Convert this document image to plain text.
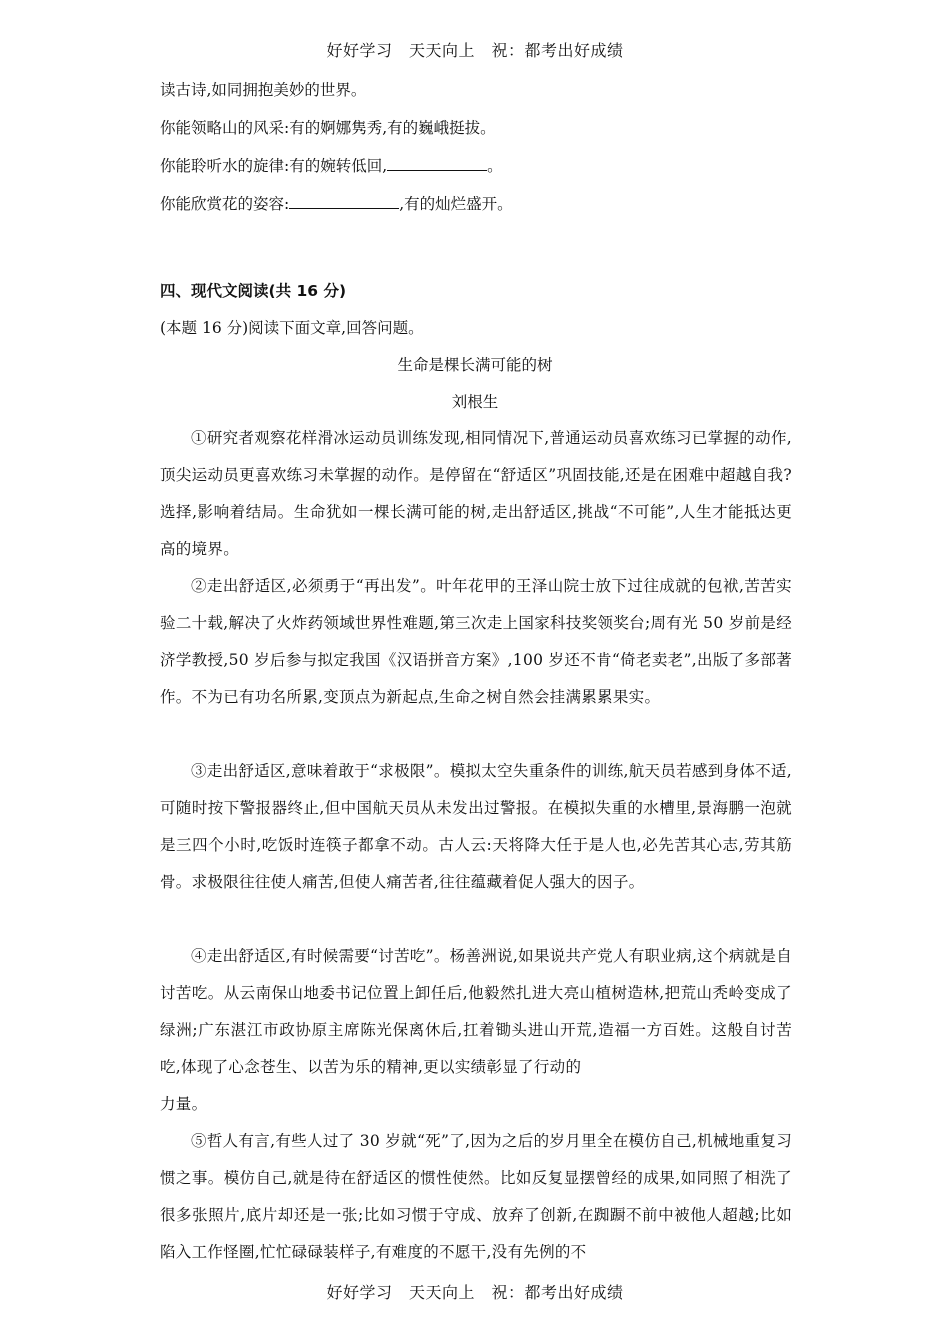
好好学习　天天向上　祝：都考出好成绩
读古诗,如同拥抱美妙的世界。
你能领略山的风采:有的婀娜隽秀,有的巍峨挺拔。
你能聆听水的旋律:有的婉转低回,	。
你能欣赏花的姿容:	,有的灿烂盛开。
四、现代文阅读(共 16 分)
(本题 16 分)阅读下面文章,回答问题。
生命是棵长满可能的树
刘根生
①研究者观察花样滑冰运动员训练发现,相同情况下,普通运动员喜欢练习已掌握的动作,顶尖运动员更喜欢练习未掌握的动作。是停留在“舒适区”巩固技能,还是在困难中超越自我?选择,影响着结局。生命犹如一棵长满可能的树,走出舒适区,挑战“不可能”,人生才能抵达更高的境界。
②走出舒适区,必须勇于“再出发”。叶年花甲的王泽山院士放下过往成就的包袱,苦苦实验二十载,解决了火炸药领域世界性难题,第三次走上国家科技奖领奖台;周有光 50 岁前是经济学教授,50 岁后参与拟定我国《汉语拼音方案》,100 岁还不肯“倚老卖老”,出版了多部著作。不为已有功名所累,变顶点为新起点,生命之树自然会挂满累累果实。
③走出舒适区,意味着敢于“求极限”。模拟太空失重条件的训练,航天员若感到身体不适,可随时按下警报器终止,但中国航天员从未发出过警报。在模拟失重的水槽里,景海鹏一泡就是三四个小时,吃饭时连筷子都拿不动。古人云:天将降大任于是人也,必先苦其心志,劳其筋骨。求极限往往使人痛苦,但使人痛苦者,往往蕴藏着促人强大的因子。
④走出舒适区,有时候需要“讨苦吃”。杨善洲说,如果说共产党人有职业病,这个病就是自讨苦吃。从云南保山地委书记位置上卸任后,他毅然扎进大亮山植树造林,把荒山秃岭变成了绿洲;广东湛江市政协原主席陈光保离休后,扛着锄头进山开荒,造福一方百姓。这般自讨苦吃,体现了心念苍生、以苦为乐的精神,更以实绩彰显了行动的
力量。
⑤哲人有言,有些人过了 30 岁就“死”了,因为之后的岁月里全在模仿自己,机械地重复习惯之事。模仿自己,就是待在舒适区的惯性使然。比如反复显摆曾经的成果,如同照了相洗了很多张照片,底片却还是一张;比如习惯于守成、放弃了创新,在踟蹰不前中被他人超越;比如陷入工作怪圈,忙忙碌碌装样子,有难度的不愿干,没有先例的不
好好学习　天天向上　祝：都考出好成绩
